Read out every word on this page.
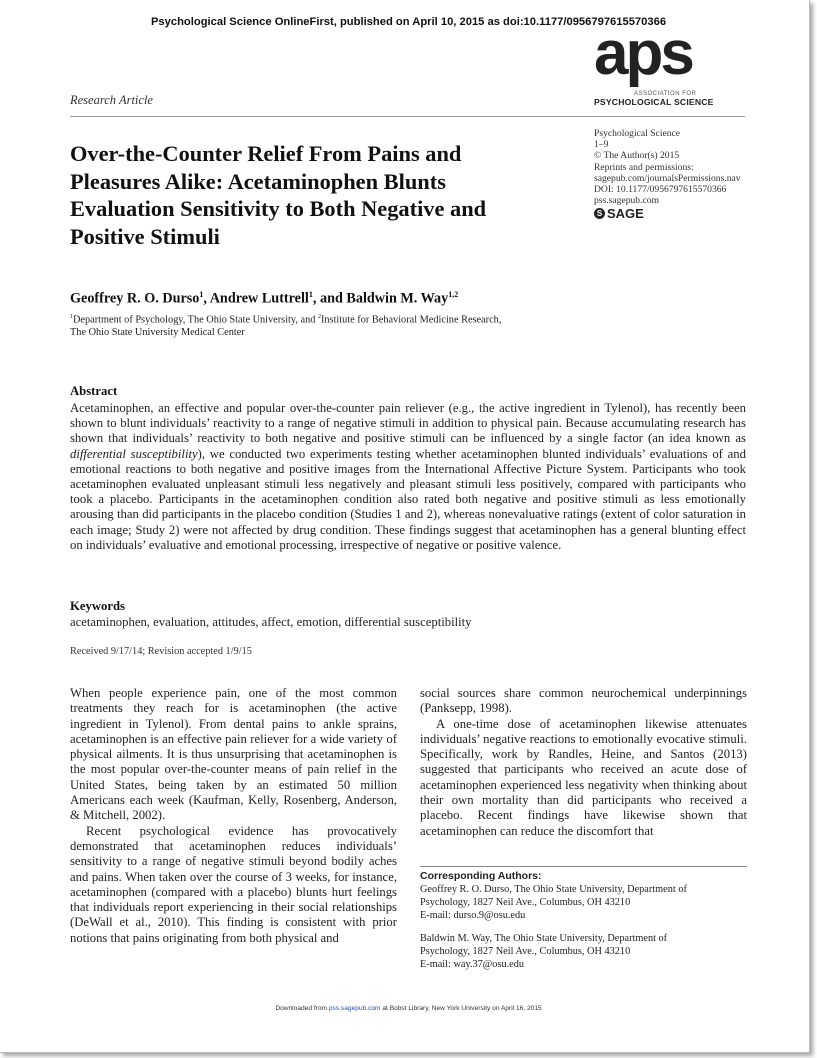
Psychological Science OnlineFirst, published on April 10, 2015 as doi:10.1177/0956797615570366
Research Article
aps
ASSOCIATION FOR
PSYCHOLOGICAL SCIENCE
Psychological Science
1–9
© The Author(s) 2015
Reprints and permissions:
sagepub.com/journalsPermissions.nav
DOI: 10.1177/0956797615570366
pss.sagepub.com
S SAGE
Over-the-Counter Relief From Pains and Pleasures Alike: Acetaminophen Blunts Evaluation Sensitivity to Both Negative and Positive Stimuli
Geoffrey R. O. Durso$^1$, Andrew Luttrell$^1$, and Baldwin M. Way$^{1,2}$
$^1$Department of Psychology, The Ohio State University, and $^2$Institute for Behavioral Medicine Research,
The Ohio State University Medical Center
Abstract

Acetaminophen, an effective and popular over-the-counter pain reliever (e.g., the active ingredient in Tylenol), has recently been shown to blunt individuals’ reactivity to a range of negative stimuli in addition to physical pain. Because accumulating research has shown that individuals’ reactivity to both negative and positive stimuli can be influenced by a single factor (an idea known as differential susceptibility), we conducted two experiments testing whether acetaminophen blunted individuals’ evaluations of and emotional reactions to both negative and positive images from the International Affective Picture System. Participants who took acetaminophen evaluated unpleasant stimuli less negatively and pleasant stimuli less positively, compared with participants who took a placebo. Participants in the acetaminophen condition also rated both negative and positive stimuli as less emotionally arousing than did participants in the placebo condition (Studies 1 and 2), whereas nonevaluative ratings (extent of color saturation in each image; Study 2) were not affected by drug condition. These findings suggest that acetaminophen has a general blunting effect on individuals’ evaluative and emotional processing, irrespective of negative or positive valence.

Keywords
acetaminophen, evaluation, attitudes, affect, emotion, differential susceptibility
Received 9/17/14; Revision accepted 1/9/15

When people experience pain, one of the most common treatments they reach for is acetaminophen (the active ingredient in Tylenol). From dental pains to ankle sprains, acetaminophen is an effective pain reliever for a wide variety of physical ailments. It is thus unsurprising that acetaminophen is the most popular over-the-counter means of pain relief in the United States, being taken by an estimated 50 million Americans each week (Kaufman, Kelly, Rosenberg, Anderson, & Mitchell, 2002).

Recent psychological evidence has provocatively demonstrated that acetaminophen reduces individuals’ sensitivity to a range of negative stimuli beyond bodily aches and pains. When taken over the course of 3 weeks, for instance, acetaminophen (compared with a placebo) blunts hurt feelings that individuals report experiencing in their social relationships (DeWall et al., 2010). This finding is consistent with prior notions that pains originating from both physical and

social sources share common neurochemical underpinnings (Panksepp, 1998).

A one-time dose of acetaminophen likewise attenuates individuals’ negative reactions to emotionally evocative stimuli. Specifically, work by Randles, Heine, and Santos (2013) suggested that participants who received an acute dose of acetaminophen experienced less negativity when thinking about their own mortality than did participants who received a placebo. Recent findings have likewise shown that acetaminophen can reduce the discomfort that

Corresponding Authors:
Geoffrey R. O. Durso, The Ohio State University, Department of
Psychology, 1827 Neil Ave., Columbus, OH 43210
E-mail: durso.9@osu.edu
Baldwin M. Way, The Ohio State University, Department of
Psychology, 1827 Neil Ave., Columbus, OH 43210
E-mail: way.37@osu.edu
Downloaded from pss.sagepub.com at Bobst Library, New York University on April 16, 2015
